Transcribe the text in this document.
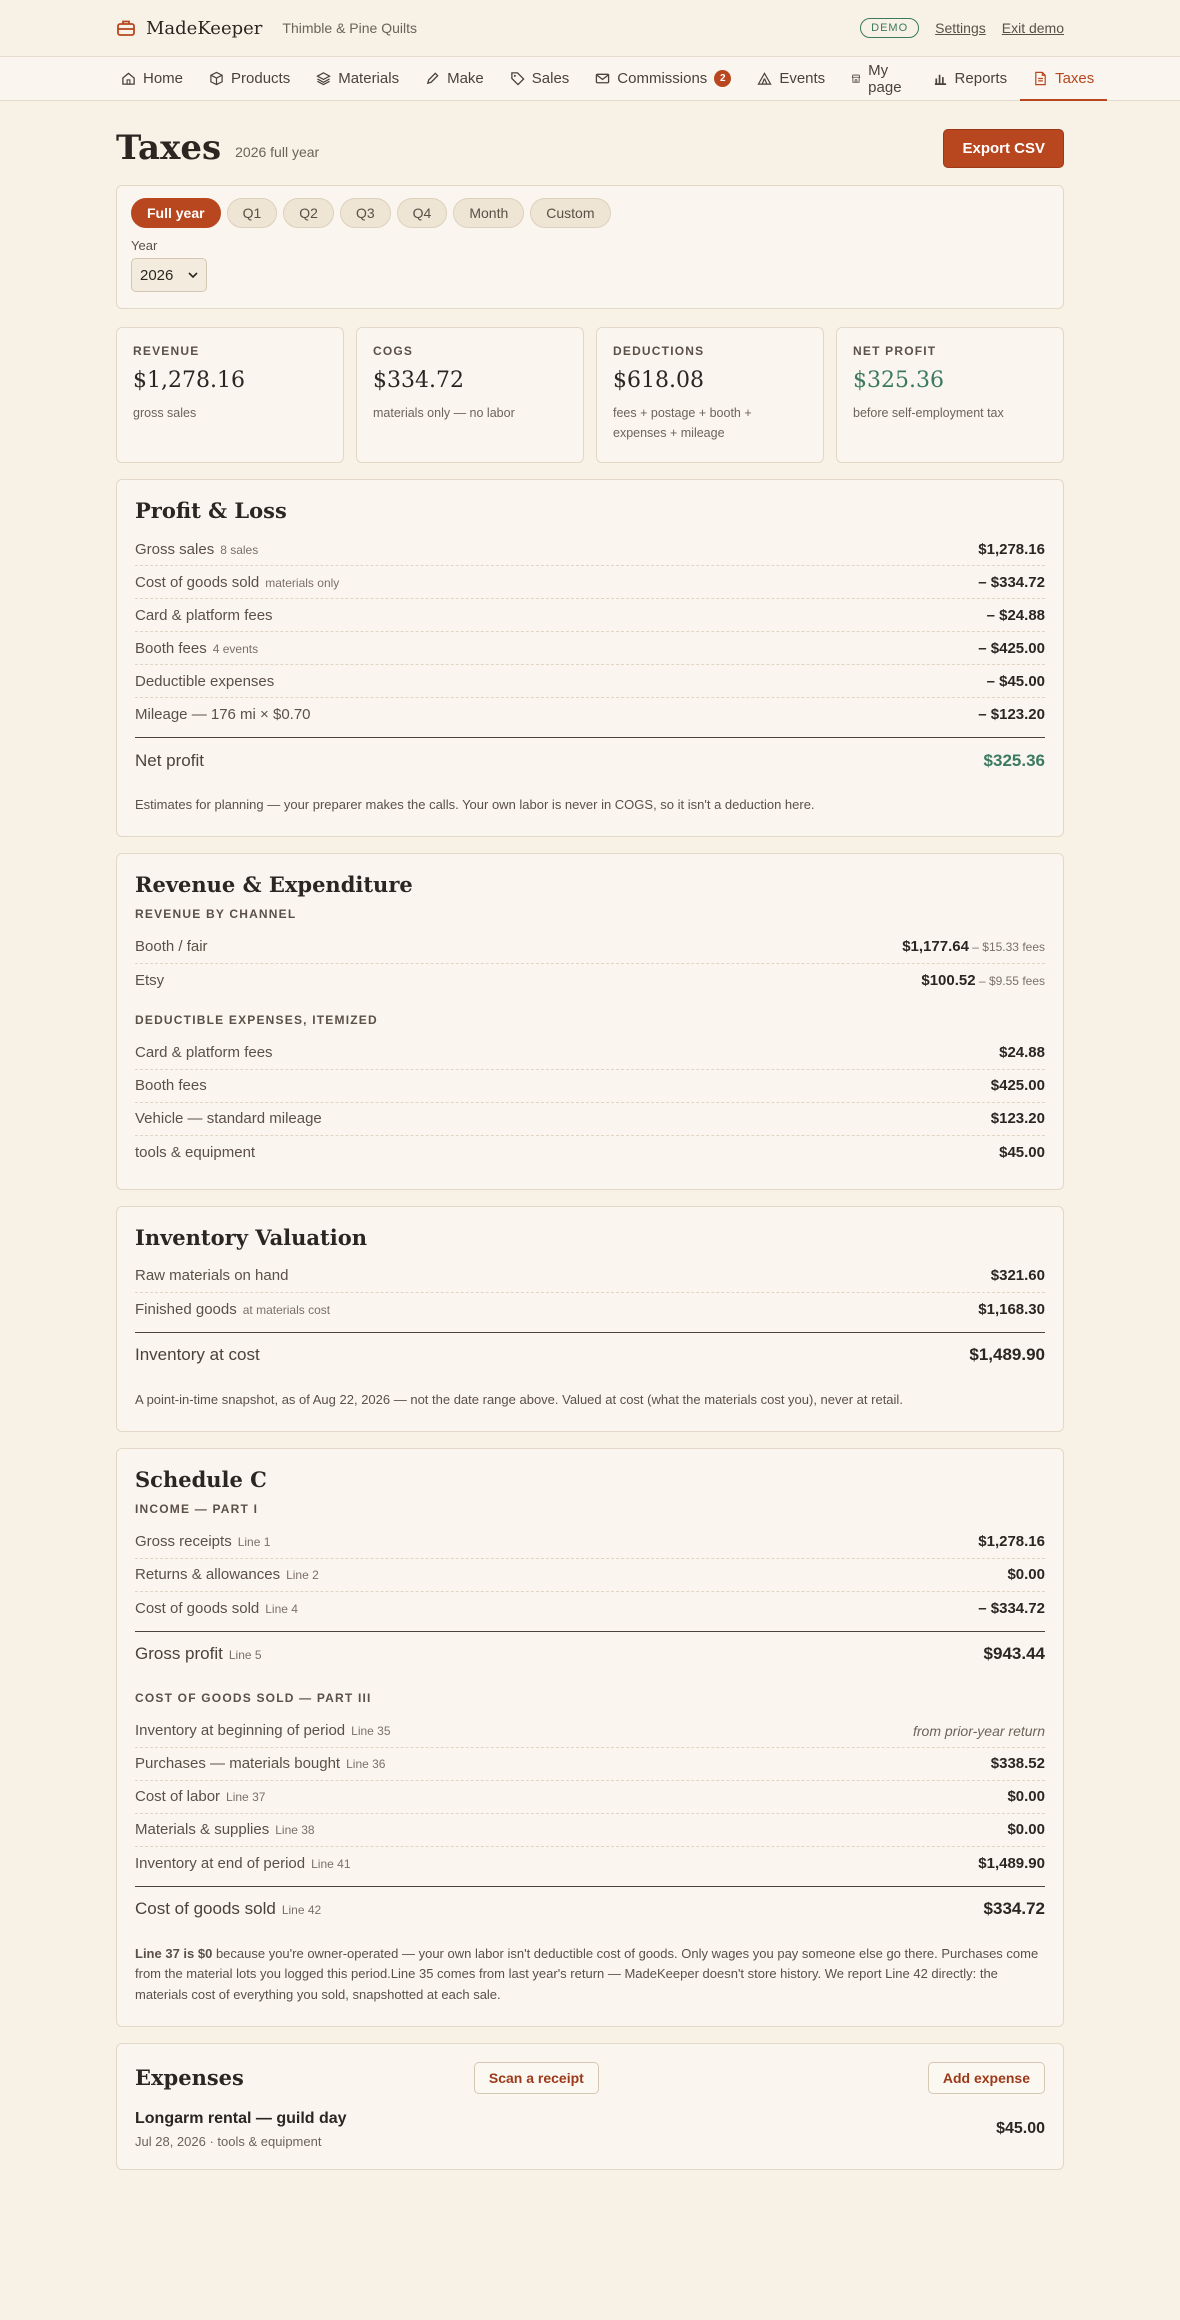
MadeKeeper Thimble & Pine Quilts	DEMO	Settings Exit demo
Home	Products	Materials	Make	Sales	Commissions	2	Events	My page	Reports	Taxes
Taxes 2026 full year	Export CSV
Full year	Q1	Q2	Q3	Q4	Month	Custom
Year
2026
REVENUE
$1,278.16
gross sales
COGS
$334.72
materials only — no labor
DEDUCTIONS
$618.08
fees + postage + booth + expenses + mileage
NET PROFIT
$325.36
before self-employment tax
Profit & Loss
Gross sales 8 sales	$1,278.16
Cost of goods sold materials only	– $334.72
Card & platform fees	– $24.88
Booth fees 4 events	– $425.00
Deductible expenses	– $45.00
Mileage — 176 mi × $0.70	– $123.20
Net profit	$325.36

Estimates for planning — your preparer makes the calls. Your own labor is never in COGS, so it isn't a deduction here.

Revenue & Expenditure
REVENUE BY CHANNEL
Booth / fair	$1,177.64 – $15.33 fees
Etsy	$100.52 – $9.55 fees
DEDUCTIBLE EXPENSES, ITEMIZED
Card & platform fees	$24.88
Booth fees	$425.00
Vehicle — standard mileage	$123.20
tools & equipment	$45.00
Inventory Valuation
Raw materials on hand	$321.60
Finished goods at materials cost	$1,168.30
Inventory at cost	$1,489.90

A point-in-time snapshot, as of Aug 22, 2026 — not the date range above. Valued at cost (what the materials cost you), never at retail.

Schedule C
INCOME — PART I
Gross receipts Line 1	$1,278.16
Returns & allowances Line 2	$0.00
Cost of goods sold Line 4	– $334.72
Gross profit Line 5	$943.44
COST OF GOODS SOLD — PART III
Inventory at beginning of period Line 35	from prior-year return
Purchases — materials bought Line 36	$338.52
Cost of labor Line 37	$0.00
Materials & supplies Line 38	$0.00
Inventory at end of period Line 41	$1,489.90
Cost of goods sold Line 42	$334.72

Line 37 is $0 because you're owner-operated — your own labor isn't deductible cost of goods. Only wages you pay someone else go there. Purchases come from the material lots you logged this period.Line 35 comes from last year's return — MadeKeeper doesn't store history. We report Line 42 directly: the materials cost of everything you sold, snapshotted at each sale.

Expenses	Scan a receipt	Add expense
Longarm rental — guild day
Jul 28, 2026 · tools & equipment
$45.00
